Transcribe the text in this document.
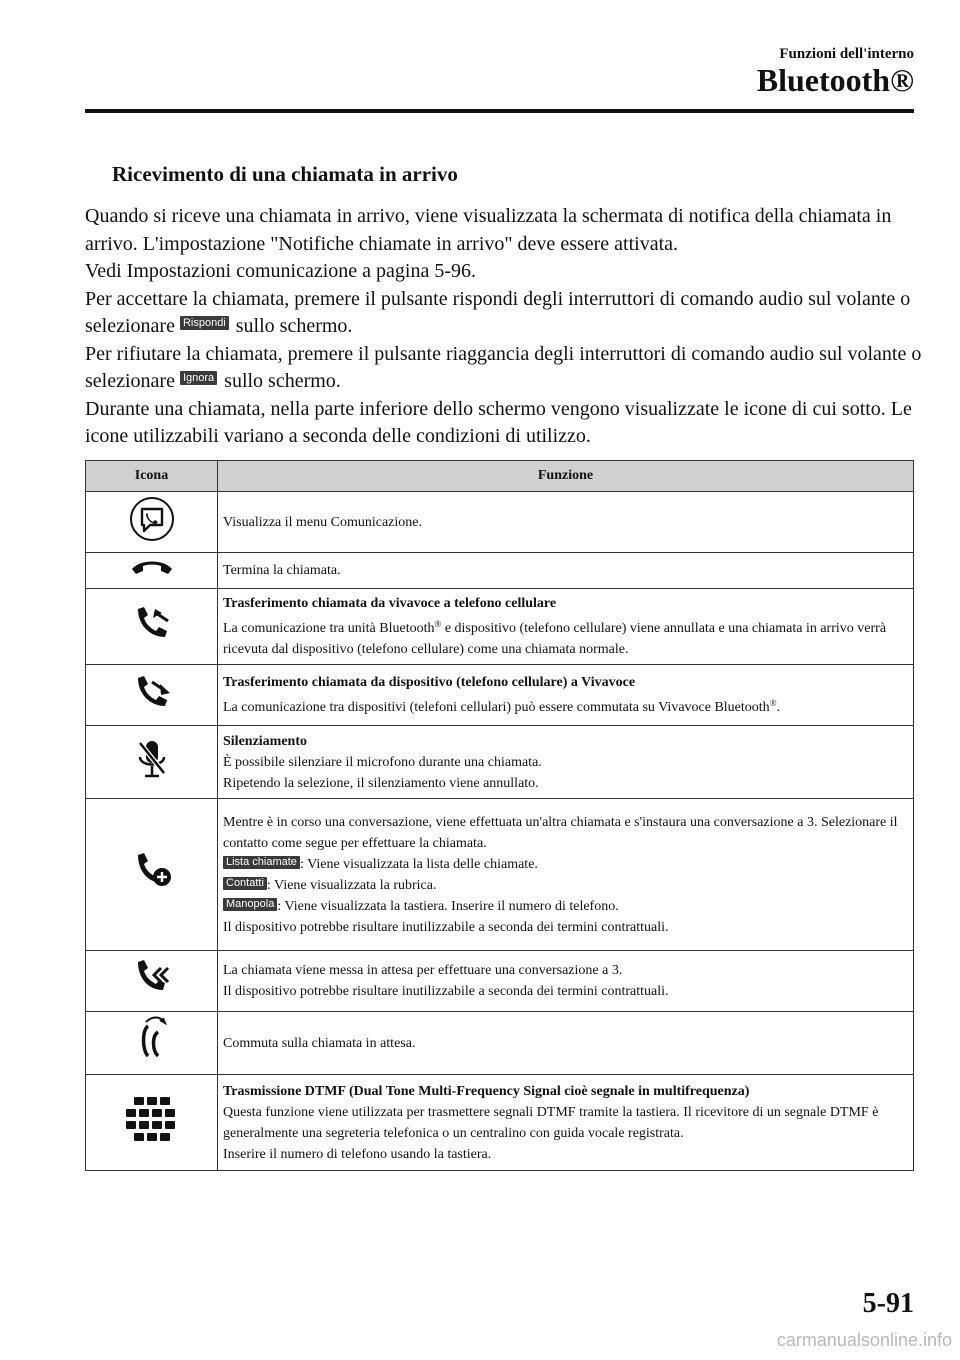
Funzioni dell'interno
Bluetooth®
Ricevimento di una chiamata in arrivo

Quando si riceve una chiamata in arrivo, viene visualizzata la schermata di notifica della chiamata in arrivo. L'impostazione "Notifiche chiamate in arrivo" deve essere attivata.

Vedi Impostazioni comunicazione a pagina 5-96.

Per accettare la chiamata, premere il pulsante rispondi degli interruttori di comando audio sul volante o selezionare Rispondi sullo schermo.

Per rifiutare la chiamata, premere il pulsante riaggancia degli interruttori di comando audio sul volante o selezionare Ignora sullo schermo.

Durante una chiamata, nella parte inferiore dello schermo vengono visualizzate le icone di cui sotto. Le icone utilizzabili variano a seconda delle condizioni di utilizzo.

Icona	Funzione

Visualizza il menu Comunicazione.

Termina la chiamata.

Trasferimento chiamata da vivavoce a telefono cellulare
La comunicazione tra unità Bluetooth® e dispositivo (telefono cellulare) viene annullata e una chiamata in arrivo verrà ricevuta dal dispositivo (telefono cellulare) come una chiamata normale.

Trasferimento chiamata da dispositivo (telefono cellulare) a Vivavoce
La comunicazione tra dispositivi (telefoni cellulari) può essere commutata su Vivavoce Bluetooth®.

Silenziamento
È possibile silenziare il microfono durante una chiamata.
Ripetendo la selezione, il silenziamento viene annullato.

Mentre è in corso una conversazione, viene effettuata un'altra chiamata e s'instaura una conversazione a 3. Selezionare il contatto come segue per effettuare la chiamata.
Lista chiamate : Viene visualizzata la lista delle chiamate.
Contatti : Viene visualizzata la rubrica.
Manopola : Viene visualizzata la tastiera. Inserire il numero di telefono.
Il dispositivo potrebbe risultare inutilizzabile a seconda dei termini contrattuali.

La chiamata viene messa in attesa per effettuare una conversazione a 3.
Il dispositivo potrebbe risultare inutilizzabile a seconda dei termini contrattuali.

Commuta sulla chiamata in attesa.

Trasmissione DTMF (Dual Tone Multi-Frequency Signal cioè segnale in multifrequenza)
Questa funzione viene utilizzata per trasmettere segnali DTMF tramite la tastiera. Il ricevitore di un segnale DTMF è generalmente una segreteria telefonica o un centralino con guida vocale registrata.
Inserire il numero di telefono usando la tastiera.
5-91
carmanualsonline.info
